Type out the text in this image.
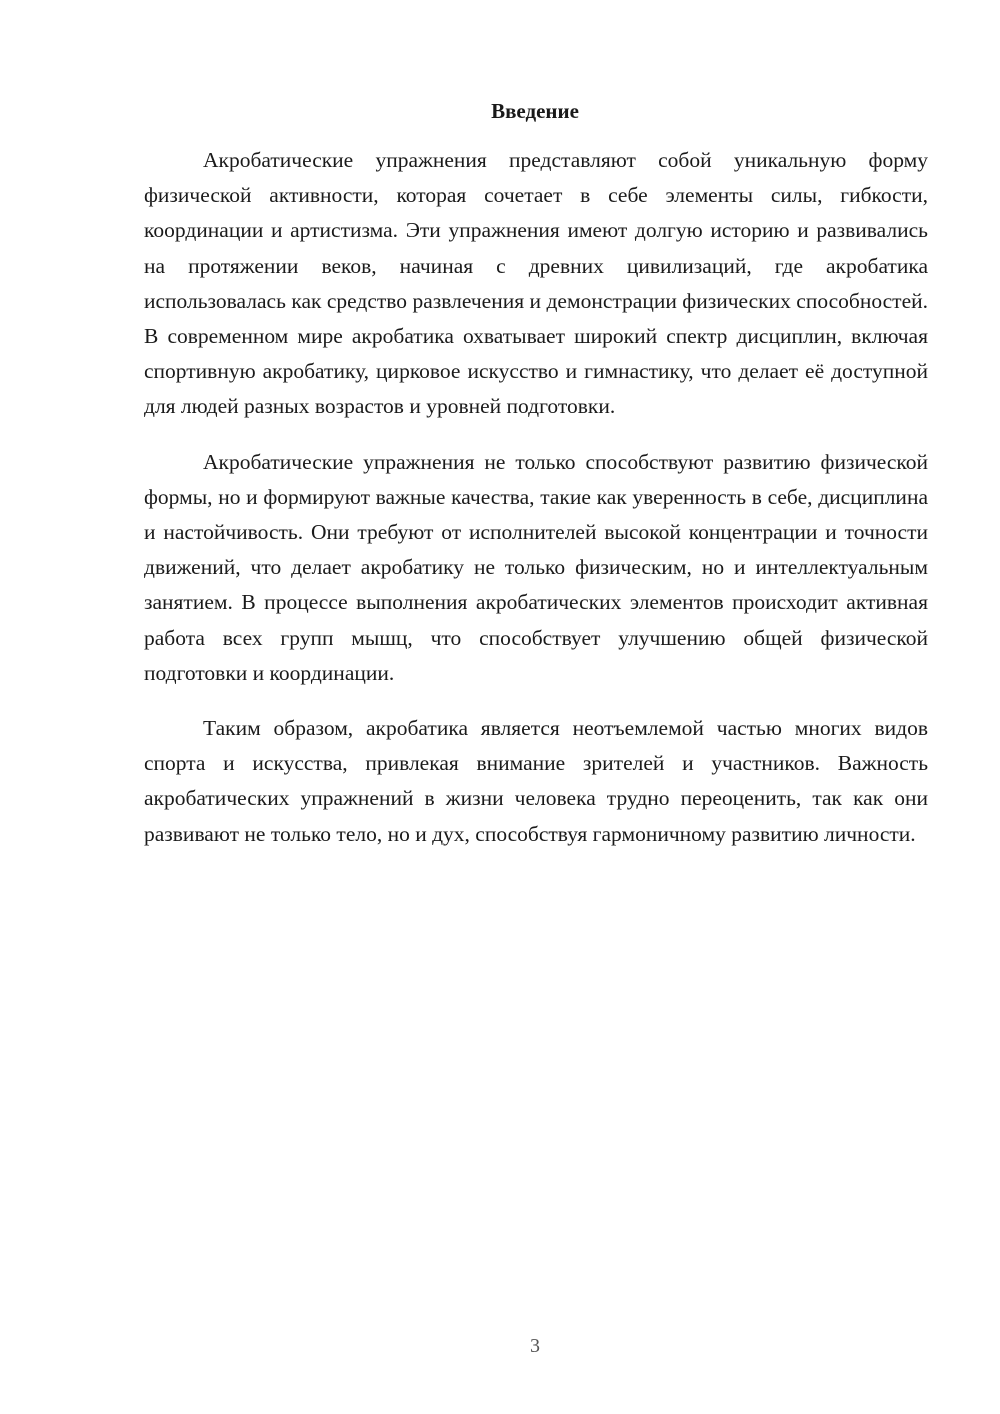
Введение

Акробатические упражнения представляют собой уникальную форму физической активности, которая сочетает в себе элементы силы, гибкости, координации и артистизма. Эти упражнения имеют долгую историю и развивались на протяжении веков, начиная с древних цивилизаций, где акробатика использовалась как средство развлечения и демонстрации физических способностей. В современном мире акробатика охватывает широкий спектр дисциплин, включая спортивную акробатику, цирковое искусство и гимнастику, что делает её доступной для людей разных возрастов и уровней подготовки.

Акробатические упражнения не только способствуют развитию физической формы, но и формируют важные качества, такие как уверенность в себе, дисциплина и настойчивость. Они требуют от исполнителей высокой концентрации и точности движений, что делает акробатику не только физическим, но и интеллектуальным занятием. В процессе выполнения акробатических элементов происходит активная работа всех групп мышц, что способствует улучшению общей физической подготовки и координации.

Таким образом, акробатика является неотъемлемой частью многих видов спорта и искусства, привлекая внимание зрителей и участников. Важность акробатических упражнений в жизни человека трудно переоценить, так как они развивают не только тело, но и дух, способствуя гармоничному развитию личности.

3
